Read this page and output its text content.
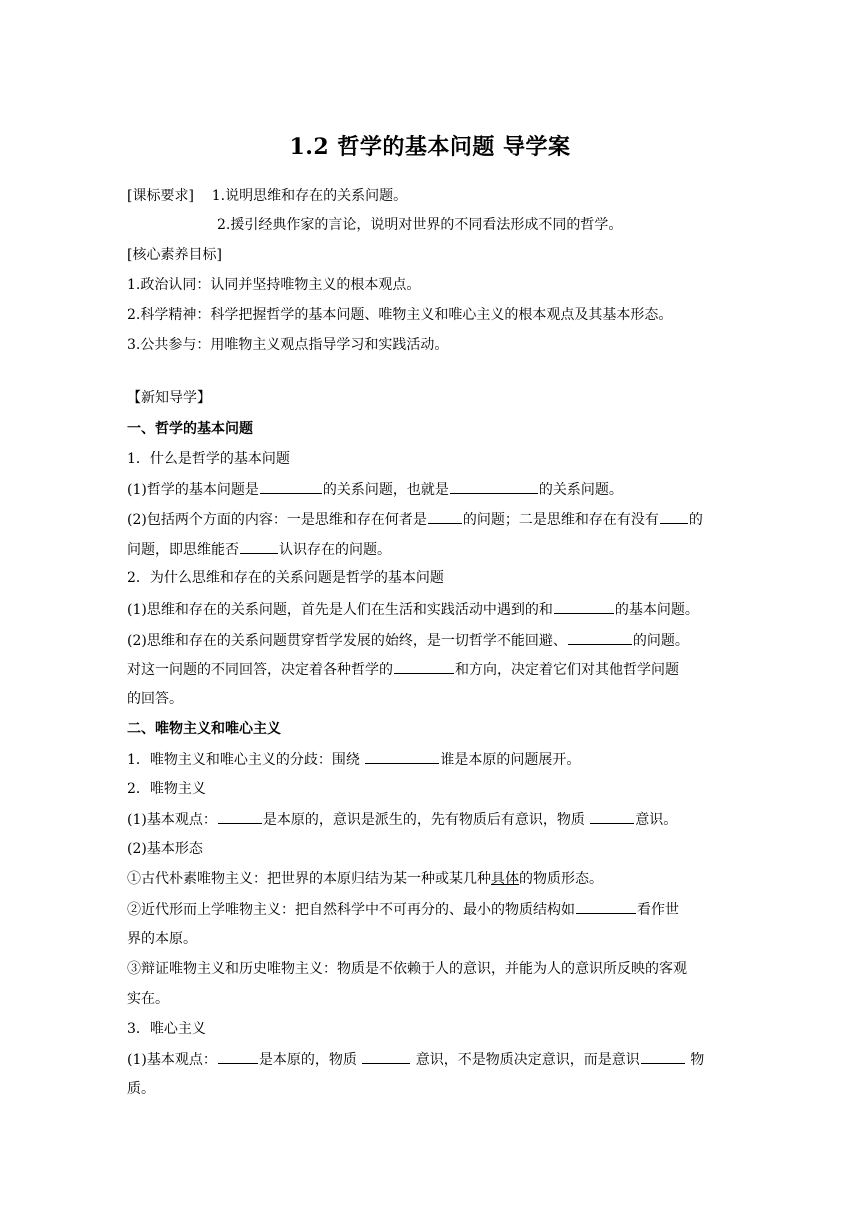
1.2 哲学的基本问题 导学案
[课标要求] 1.说明思维和存在的关系问题。
2.援引经典作家的言论，说明对世界的不同看法形成不同的哲学。
[核心素养目标]
1.政治认同：认同并坚持唯物主义的根本观点。
2.科学精神：科学把握哲学的基本问题、唯物主义和唯心主义的根本观点及其基本形态。
3.公共参与：用唯物主义观点指导学习和实践活动。
【新知导学】
一、哲学的基本问题
1．什么是哲学的基本问题
(1)哲学的基本问题是	的关系问题，也就是	的关系问题。
(2)包括两个方面的内容：一是思维和存在何者是	的问题；二是思维和存在有没有 的
问题，即思维能否	认识存在的问题。
2．为什么思维和存在的关系问题是哲学的基本问题
(1)思维和存在的关系问题，首先是人们在生活和实践活动中遇到的和	的基本问题。
(2)思维和存在的关系问题贯穿哲学发展的始终，是一切哲学不能回避、	的问题。
对这一问题的不同回答，决定着各种哲学的	和方向，决定着它们对其他哲学问题
的回答。
二、唯物主义和唯心主义
1．唯物主义和唯心主义的分歧：围绕	谁是本原的问题展开。
2．唯物主义
(1)基本观点：	是本原的，意识是派生的，先有物质后有意识，物质	意识。
(2)基本形态
①古代朴素唯物主义：把世界的本原归结为某一种或某几种具体的物质形态。
②近代形而上学唯物主义：把自然科学中不可再分的、最小的物质结构如	看作世
界的本原。
③辩证唯物主义和历史唯物主义：物质是不依赖于人的意识，并能为人的意识所反映的客观
实在。
3．唯心主义
(1)基本观点：	是本原的，物质	意识，不是物质决定意识，而是意识	物
质。
